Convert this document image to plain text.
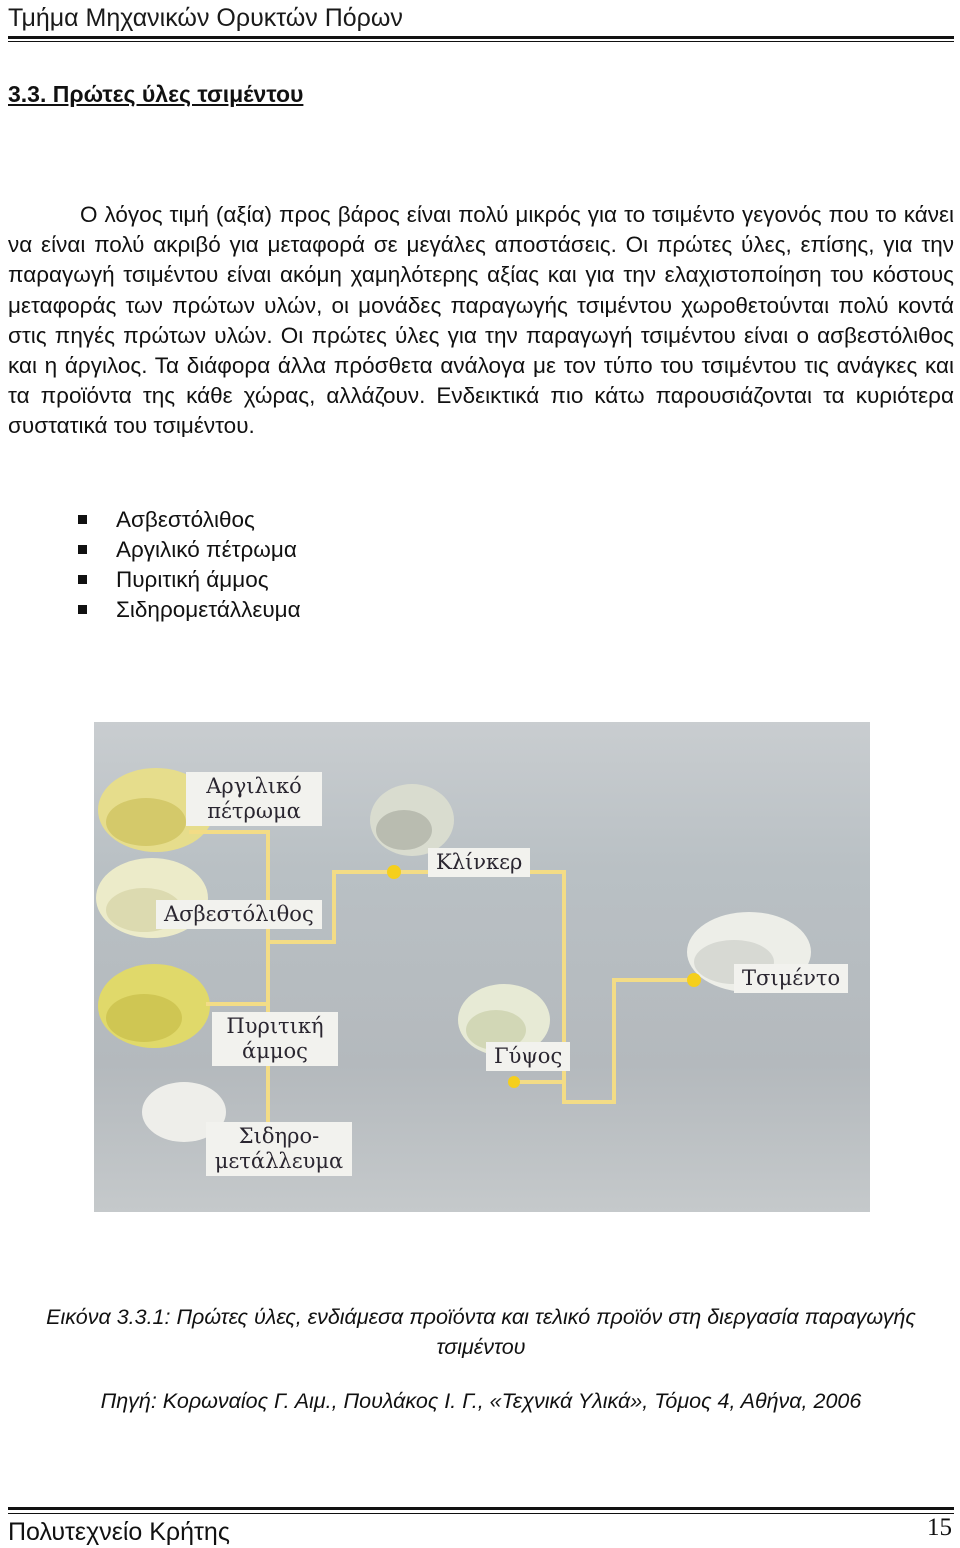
Τμήμα Μηχανικών Ορυκτών Πόρων
3.3. Πρώτες ύλες τσιμέντου

Ο λόγος τιμή (αξία) προς βάρος είναι πολύ μικρός για το τσιμέντο γεγονός που το κάνει να είναι πολύ ακριβό για μεταφορά σε μεγάλες αποστάσεις. Οι πρώτες ύλες, επίσης, για την παραγωγή τσιμέντου είναι ακόμη χαμηλότερης αξίας και για την ελαχιστοποίηση του κόστους μεταφοράς των πρώτων υλών, οι μονάδες παραγωγής τσιμέντου χωροθετούνται πολύ κοντά στις πηγές πρώτων υλών. Οι πρώτες ύλες για την παραγωγή τσιμέντου είναι ο ασβεστόλιθος και η άργιλος. Τα διάφορα άλλα πρόσθετα ανάλογα με τον τύπο του τσιμέντου τις ανάγκες και τα προϊόντα της κάθε χώρας, αλλάζουν. Ενδεικτικά πιο κάτω παρουσιάζονται τα κυριότερα συστατικά του τσιμέντου.

Ασβεστόλιθος
Αργιλικό πέτρωμα
Πυριτική άμμος
Σιδηρομετάλλευμα
Αργιλικό πέτρωμα
Ασβεστόλιθος
Πυριτική άμμος
Σιδηρο- μετάλλευμα
Κλίνκερ
Γύψος
Τσιμέντο
Εικόνα 3.3.1: Πρώτες ύλες, ενδιάμεσα προϊόντα και τελικό προϊόν στη διεργασία παραγωγής τσιμέντου
Πηγή: Κορωναίος Γ. Αιμ., Πουλάκος Ι. Γ., «Τεχνικά Υλικά», Τόμος 4, Αθήνα, 2006
Πολυτεχνείο Κρήτης	15
